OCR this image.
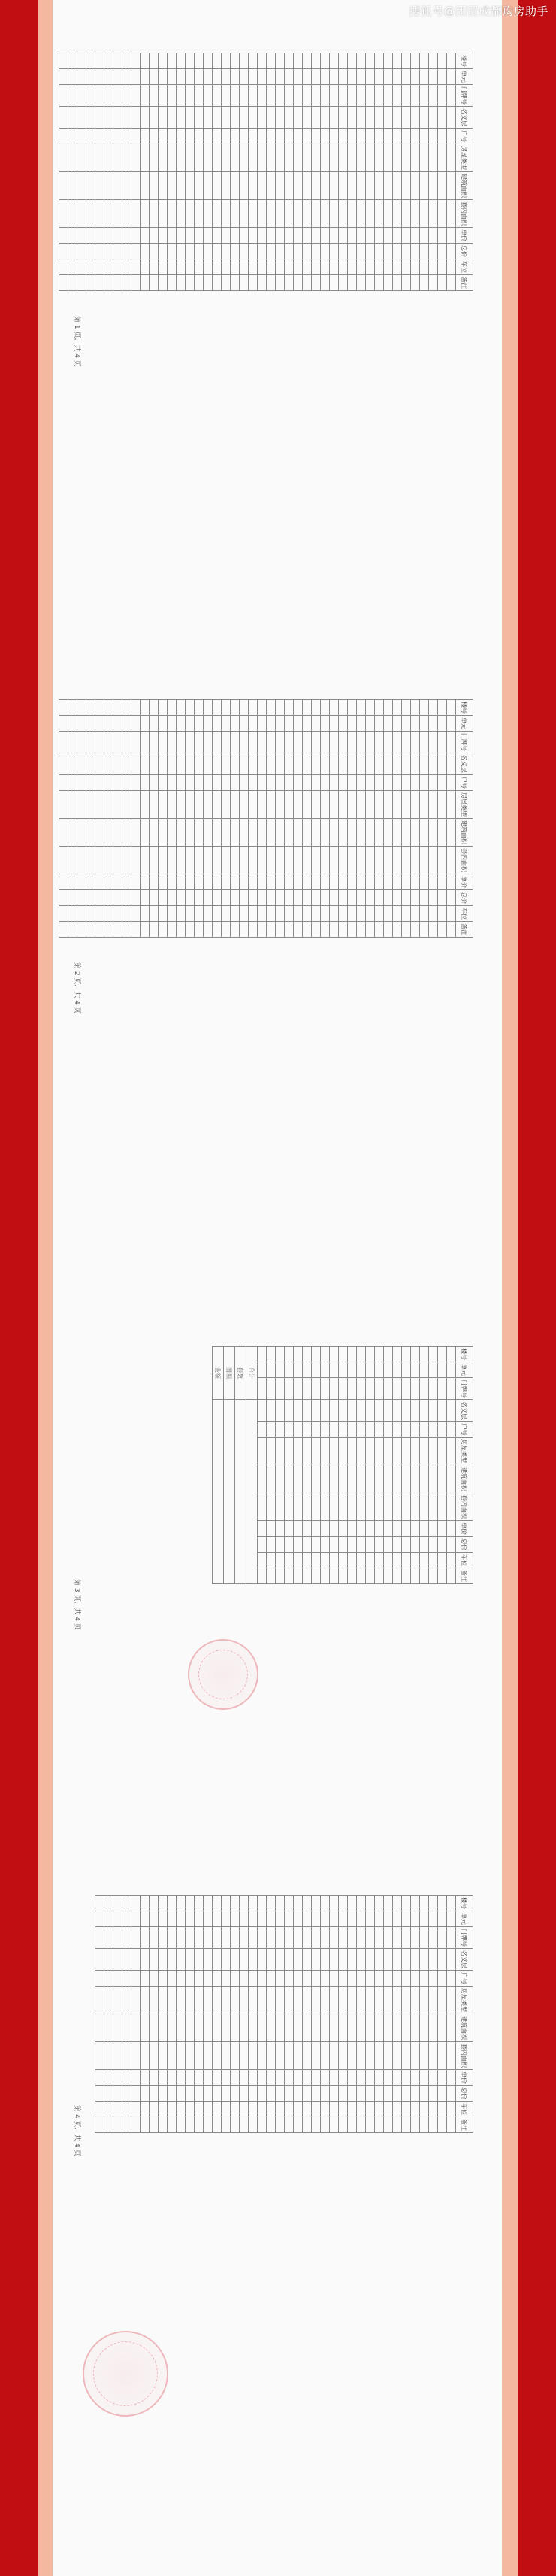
楼号	单元	门牌号	名义层	户号	房屋类型	建筑面积	套内面积	单价	总价	车位	备注

第 1 页，共 4 页
楼号	单元	门牌号	名义层	户号	房屋类型	建筑面积	套内面积	单价	总价	车位	备注

第 2 页，共 4 页
楼号	单元	门牌号	名义层	户号	房屋类型	建筑面积	套内面积	单价	总价	车位	备注

合计											
套数											
面积											
金额											
第 3 页，共 4 页
楼号	单元	门牌号	名义层	户号	房屋类型	建筑面积	套内面积	单价	总价	车位	备注

第 4 页，共 4 页
搜狐号@团贸成都购房助手
